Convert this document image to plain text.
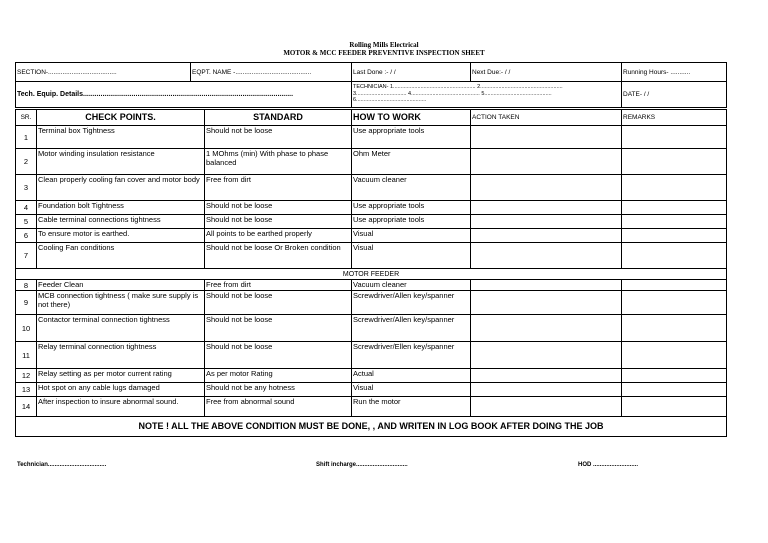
Rolling Mills Electrical
MOTOR & MCC FEEDER PREVENTIVE INSPECTION SHEET
SECTION-......................................	EQPT. NAME -..........................................	Last Done :- / /	Next Due:- / /	Running Hours- ...........
Tech. Equip. Details............................................................................................................		TECHNICIAN- 1...................................................... 2......................................................
3................................. 4............................................. 5............................................
6..............................................		DATE- / /
SR.	CHECK POINTS.	STANDARD	HOW TO WORK	ACTION TAKEN	REMARKS
1	Terminal box Tightness	Should not be loose	Use appropriate tools		
2	Motor winding insulation resistance	1 MOhms (min) With phase to phase balanced	Ohm Meter		
3	Clean properly cooling fan cover and motor body	Free from dirt	Vacuum cleaner		
4	Foundation bolt Tightness	Should not be loose	Use appropriate tools		
5	Cable terminal connections tightness	Should not be loose	Use appropriate tools		
6	To ensure motor is earthed.	All points to be earthed properly	Visual		
7	Cooling Fan conditions	Should not be loose Or Broken condition	Visual		
MOTOR FEEDER					
8	Feeder Clean	Free from dirt	Vacuum cleaner		
9	MCB connection tightness ( make sure supply is not there)	Should not be loose	Screwdriver/Allen key/spanner		
10	Contactor terminal connection tightness	Should not be loose	Screwdriver/Allen key/spanner		
11	Relay terminal connection tightness	Should not be loose	Screwdriver/Ellen key/spanner		
12	Relay setting as per motor current rating	As per motor Rating	Actual		
13	Hot spot on any cable lugs damaged	Should not be any hotness	Visual		
14	After inspection to insure abnormal sound.	Free from abnormal sound	Run the motor		
NOTE ! ALL THE ABOVE CONDITION MUST BE DONE, , AND WRITEN IN LOG BOOK AFTER DOING THE JOB					
Technician...................................	Shift incharge...............................	HOD ...........................
